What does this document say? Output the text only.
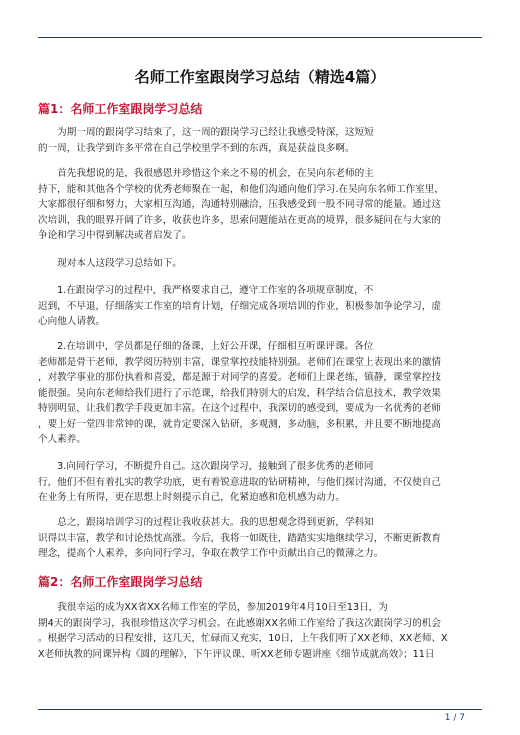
名师工作室跟岗学习总结（精选4篇）
篇1：名师工作室跟岗学习总结
　　为期一周的跟岗学习结束了，这一周的跟岗学习已经让我感受特深，这短短
的一周，让我学到许多平常在自己学校里学不到的东西，真是获益良多啊。
　　首先我想说的是，我很感恩并珍惜这个来之不易的机会，在吴向东老师的主
持下，能和其他各个学校的优秀老师聚在一起，和他们沟通向他们学习.在吴向东名师工作室里，
大家都很仔细和努力，大家相互沟通，沟通特别融洽，压我感受到一股不同寻常的能量。通过这
次培训，我的眼界开阔了许多，收获也许多，思索问题能站在更高的境界，很多疑问在与大家的
争论和学习中得到解决或者启发了。
　　现对本人这段学习总结如下。
　　1.在跟岗学习的过程中，我严格要求自己，遵守工作室的各项规章制度，不
迟到，不早退，仔细落实工作室的培育计划，仔细完成各项培训的作业，积极参加争论学习，虚
心向他人请教。
　　2.在培训中，学员都是仔细的备课，上好公开课，仔细相互听课评课。各位
老师都是骨干老师，教学阅历特别丰富，课堂掌控技能特别强。老师们在课堂上表现出来的激情
，对教学事业的那份执着和喜爱，都是源于对同学的喜爱。老师们上课老练，镇静，课堂掌控技
能很强。吴向东老师给我们进行了示范课，给我们特别大的启发，科学结合信息技术，教学效果
特别明显，让我们教学手段更加丰富。在这个过程中，我深切的感受到，要成为一名优秀的老师
，要上好一堂四非常钟的课，就肯定要深入钻研，多观测，多动脑，多积累，并且要不断地提高
个人素养。
　　3.向同行学习，不断提升自己。这次跟岗学习，接触到了很多优秀的老师同
行，他们不但有着扎实的教学功底，更有着锐意进取的钻研精神，与他们探讨沟通，不仅使自己
在业务上有所得，更在思想上时刻提示自己，化紧迫感和危机感为动力。
　　总之，跟岗培训学习的过程让我收获甚大。我的思想观念得到更新，学科知
识得以丰富，教学和讨论热忱高涨。今后，我将一如既往，踏踏实实地继续学习，不断更新教育
理念，提高个人素养，多向同行学习，争取在教学工作中贡献出自己的微薄之力。
篇2：名师工作室跟岗学习总结
　　我很幸运的成为XX省XX名师工作室的学员，参加2019年4月10日至13日，为
期4天的跟岗学习，我很珍惜这次学习机会。在此感谢XX名师工作室给了我这次跟岗学习的机会
。根据学习活动的日程安排，这几天，忙碌而又充实，10日，上午我们听了XX老师、XX老师、X
X老师执教的同课异构《圆的理解》，下午评议课、听XX老师专题讲座《细节成就高效》；11日
1 / 7
